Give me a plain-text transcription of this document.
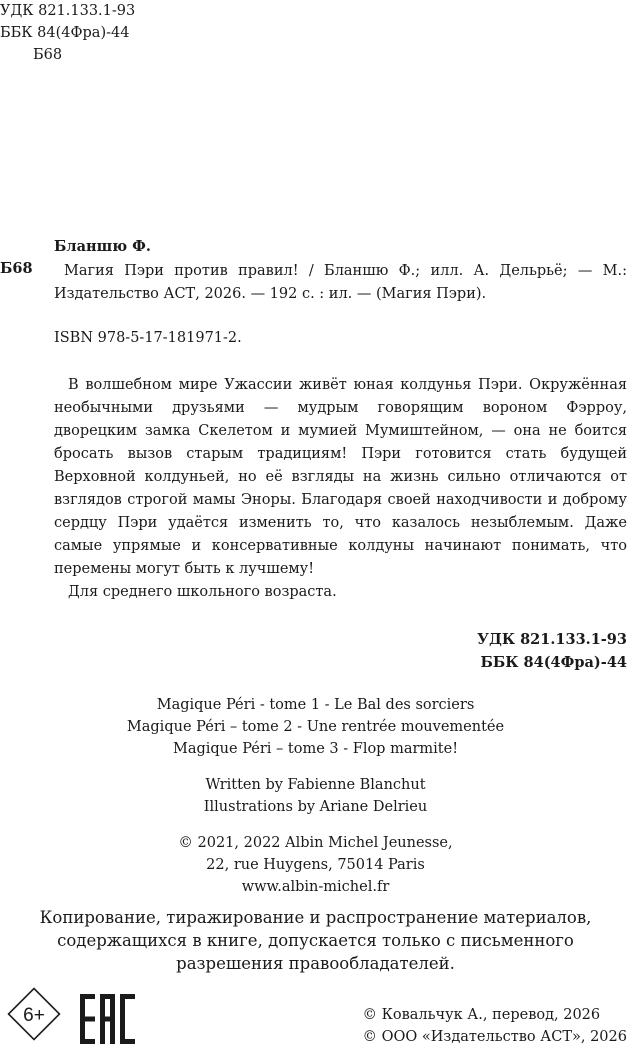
УДК 821.133.1-93
ББК 84(4Фра)-44
Б68
Бланшю Ф.
Б68	Магия Пэри против правил! / Бланшю Ф.; илл. А. Дельрьё; — М.: Издательство АСТ, 2026. — 192 с. : ил. — (Магия Пэри).
ISBN 978-5-17-181971-2.

В волшебном мире Ужассии живёт юная колдунья Пэри. Окружённая необычными друзьями — мудрым говорящим вороном Фэрроу, дворецким замка Скелетом и мумией Мумиштейном, — она не боится бросать вызов старым традициям! Пэри готовится стать будущей Верховной колдуньей, но её взгляды на жизнь сильно отличаются от взглядов строгой мамы Эноры. Благодаря своей находчивости и доброму сердцу Пэри удаётся изменить то, что казалось незыблемым. Даже самые упрямые и консервативные колдуны начинают понимать, что перемены могут быть к лучшему!

Для среднего школьного возраста.

УДК 821.133.1-93
ББК 84(4Фра)-44
Magique Péri - tome 1 - Le Bal des sorciers
Magique Péri – tome 2 - Une rentrée mouvementée
Magique Péri – tome 3 - Flop marmite!
Written by Fabienne Blanchut
Illustrations by Ariane Delrieu
© 2021, 2022 Albin Michel Jeunesse,
22, rue Huygens, 75014 Paris
www.albin-michel.fr
Копирование, тиражирование и распространение материалов,
содержащихся в книге, допускается только с письменного
разрешения правообладателей.
6+	© Ковальчук А., перевод, 2026
© ООО «Издательство АСТ», 2026
